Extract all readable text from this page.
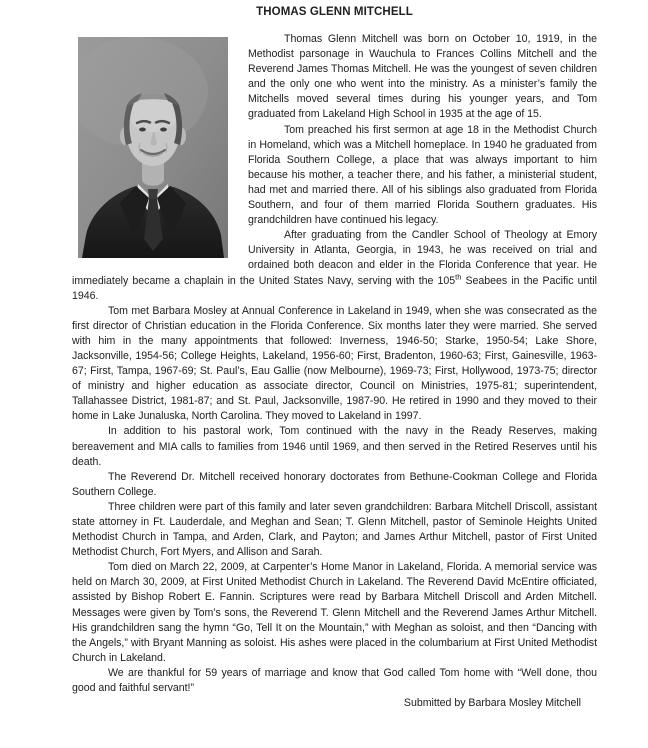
THOMAS GLENN MITCHELL

Thomas Glenn Mitchell was born on October 10, 1919, in the Methodist parsonage in Wauchula to Frances Collins Mitchell and the Reverend James Thomas Mitchell. He was the youngest of seven children and the only one who went into the ministry. As a minister’s family the Mitchells moved several times during his younger years, and Tom graduated from Lakeland High School in 1935 at the age of 15.

Tom preached his first sermon at age 18 in the Methodist Church in Homeland, which was a Mitchell homeplace. In 1940 he graduated from Florida Southern College, a place that was always important to him because his mother, a teacher there, and his father, a ministerial student, had met and married there. All of his siblings also graduated from Florida Southern, and four of them married Florida Southern graduates. His grandchildren have continued his legacy.

After graduating from the Candler School of Theology at Emory University in Atlanta, Georgia, in 1943, he was received on trial and ordained both deacon and elder in the Florida Conference that year. He immediately became a chaplain in the United States Navy, serving with the 105th Seabees in the Pacific until 1946.

Tom met Barbara Mosley at Annual Conference in Lakeland in 1949, when she was consecrated as the first director of Christian education in the Florida Conference. Six months later they were married. She served with him in the many appointments that followed: Inverness, 1946-50; Starke, 1950-54; Lake Shore, Jacksonville, 1954-56; College Heights, Lakeland, 1956-60; First, Bradenton, 1960-63; First, Gainesville, 1963-67; First, Tampa, 1967-69; St. Paul’s, Eau Gallie (now Melbourne), 1969-73; First, Hollywood, 1973-75; director of ministry and higher education as associate director, Council on Ministries, 1975-81; superintendent, Tallahassee District, 1981-87; and St. Paul, Jacksonville, 1987-90. He retired in 1990 and they moved to their home in Lake Junaluska, North Carolina. They moved to Lakeland in 1997.

In addition to his pastoral work, Tom continued with the navy in the Ready Reserves, making bereavement and MIA calls to families from 1946 until 1969, and then served in the Retired Reserves until his death.

The Reverend Dr. Mitchell received honorary doctorates from Bethune-Cookman College and Florida Southern College.

Three children were part of this family and later seven grandchildren: Barbara Mitchell Driscoll, assistant state attorney in Ft. Lauderdale, and Meghan and Sean; T. Glenn Mitchell, pastor of Seminole Heights United Methodist Church in Tampa, and Arden, Clark, and Payton; and James Arthur Mitchell, pastor of First United Methodist Church, Fort Myers, and Allison and Sarah.

Tom died on March 22, 2009, at Carpenter’s Home Manor in Lakeland, Florida. A memorial service was held on March 30, 2009, at First United Methodist Church in Lakeland. The Reverend David McEntire officiated, assisted by Bishop Robert E. Fannin. Scriptures were read by Barbara Mitchell Driscoll and Arden Mitchell. Messages were given by Tom’s sons, the Reverend T. Glenn Mitchell and the Reverend James Arthur Mitchell. His grandchildren sang the hymn “Go, Tell It on the Mountain,” with Meghan as soloist, and then “Dancing with the Angels,” with Bryant Manning as soloist. His ashes were placed in the columbarium at First United Methodist Church in Lakeland.

We are thankful for 59 years of marriage and know that God called Tom home with “Well done, thou good and faithful servant!”

Submitted by Barbara Mosley Mitchell
